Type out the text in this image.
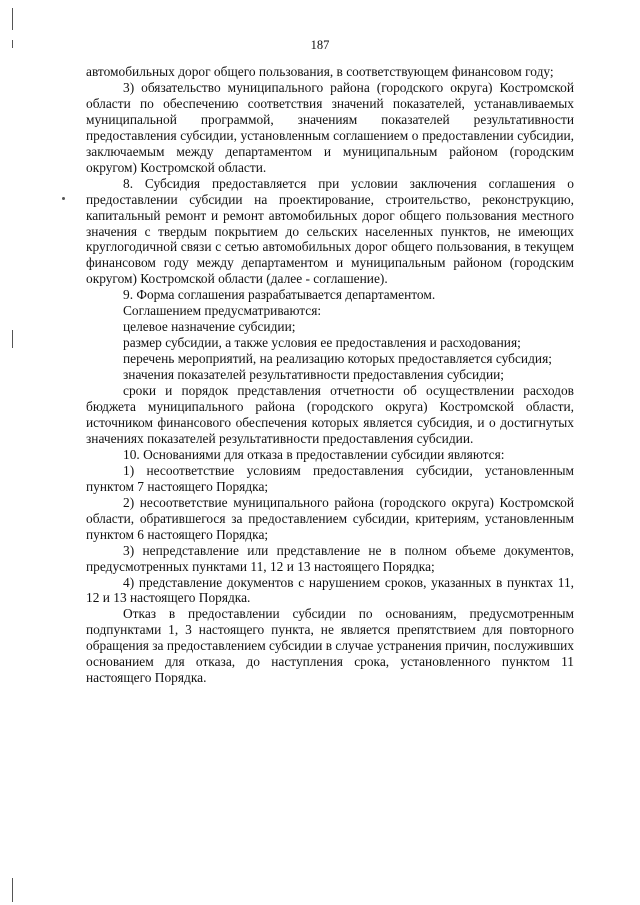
187

автомобильных дорог общего пользования, в соответствующем финансовом году;

3) обязательство муниципального района (городского округа) Костромской области по обеспечению соответствия значений показателей, устанавливаемых муниципальной программой, значениям показателей результативности предоставления субсидии, установленным соглашением о предоставлении субсидии, заключаемым между департаментом и муниципальным районом (городским округом) Костромской области.

8. Субсидия предоставляется при условии заключения соглашения о предоставлении субсидии на проектирование, строительство, реконструкцию, капитальный ремонт и ремонт автомобильных дорог общего пользования местного значения с твердым покрытием до сельских населенных пунктов, не имеющих круглогодичной связи с сетью автомобильных дорог общего пользования, в текущем финансовом году между департаментом и муниципальным районом (городским округом) Костромской области (далее - соглашение).

9. Форма соглашения разрабатывается департаментом.

Соглашением предусматриваются:

целевое назначение субсидии;

размер субсидии, а также условия ее предоставления и расходования;

перечень мероприятий, на реализацию которых предоставляется субсидия;

значения показателей результативности предоставления субсидии;

сроки и порядок представления отчетности об осуществлении расходов бюджета муниципального района (городского округа) Костромской области, источником финансового обеспечения которых является субсидия, и о достигнутых значениях показателей результативности предоставления субсидии.

10. Основаниями для отказа в предоставлении субсидии являются:

1) несоответствие условиям предоставления субсидии, установленным пунктом 7 настоящего Порядка;

2) несоответствие муниципального района (городского округа) Костромской области, обратившегося за предоставлением субсидии, критериям, установленным пунктом 6 настоящего Порядка;

3) непредставление или представление не в полном объеме документов, предусмотренных пунктами 11, 12 и 13 настоящего Порядка;

4) представление документов с нарушением сроков, указанных в пунктах 11, 12 и 13 настоящего Порядка.

Отказ в предоставлении субсидии по основаниям, предусмотренным подпунктами 1, 3 настоящего пункта, не является препятствием для повторного обращения за предоставлением субсидии в случае устранения причин, послуживших основанием для отказа, до наступления срока, установленного пунктом 11 настоящего Порядка.
